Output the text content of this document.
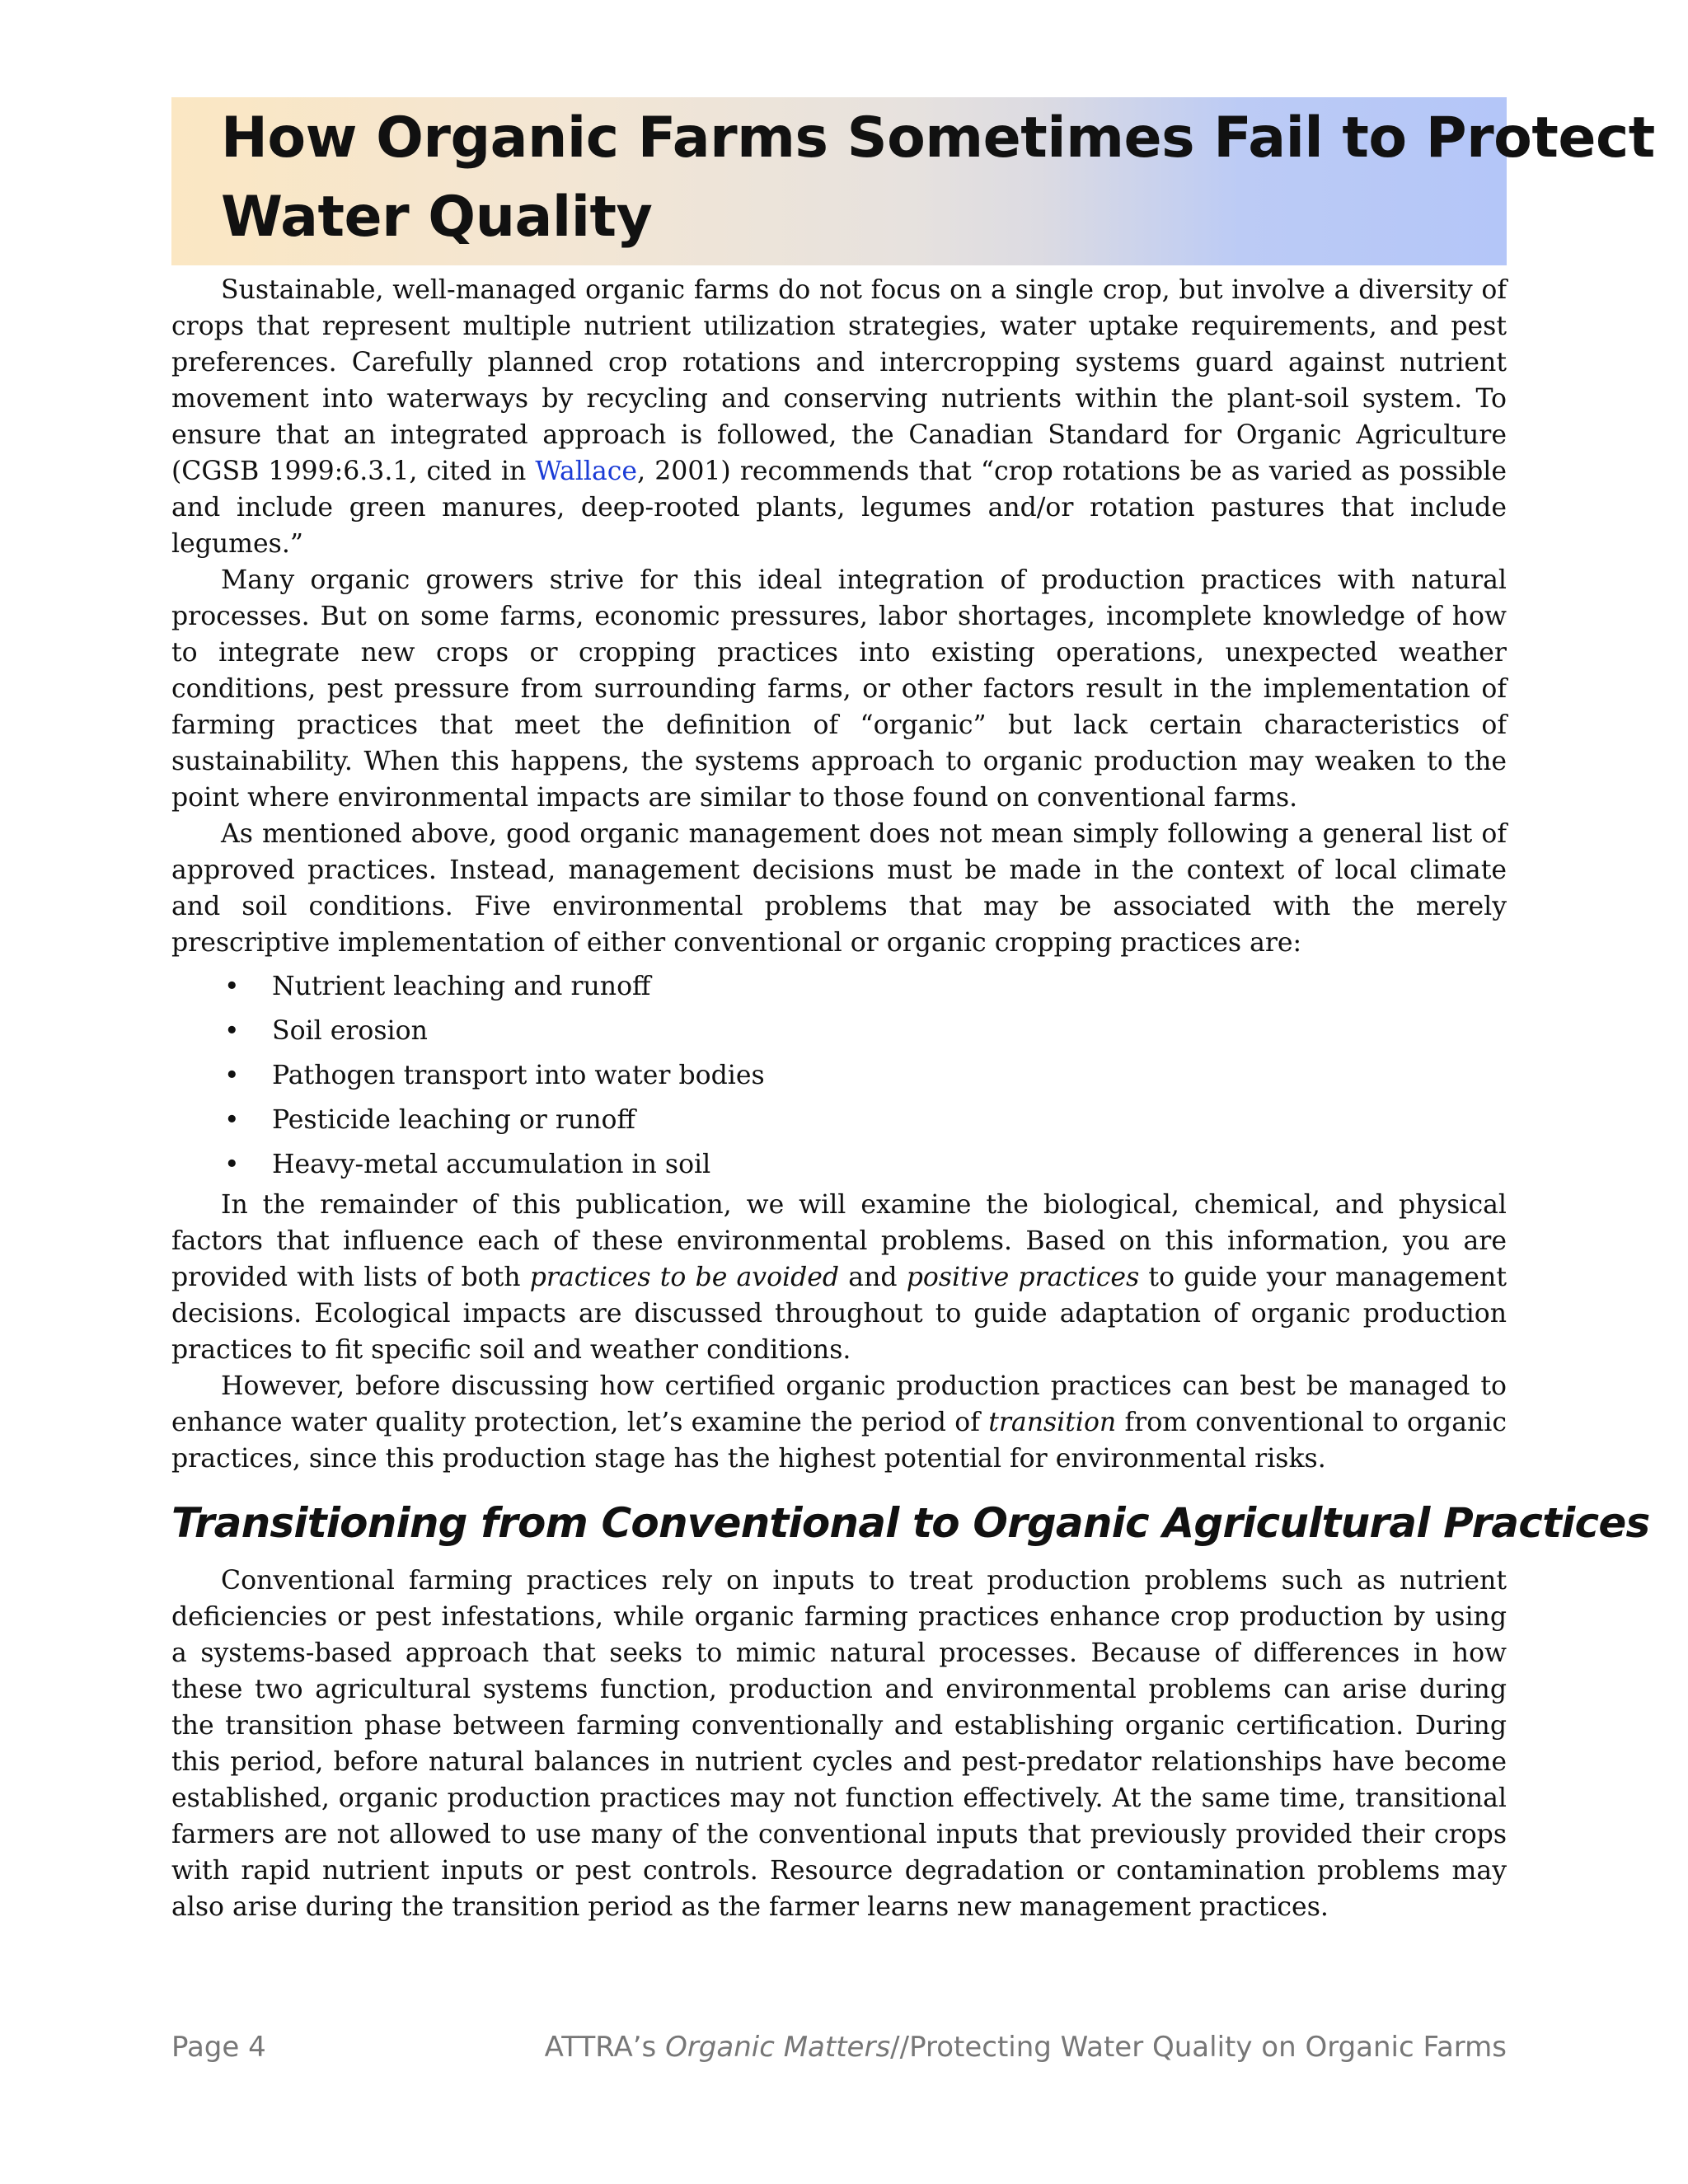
How Organic Farms Sometimes Fail to Protect
Water Quality

Sustainable, well-managed organic farms do not focus on a single crop, but involve a diversity of crops that represent multiple nutrient utilization strategies, water uptake requirements, and pest preferences. Carefully planned crop rotations and intercropping systems guard against nutrient movement into waterways by recycling and conserving nutrients within the plant-soil system. To ensure that an integrated approach is followed, the Canadian Standard for Organic Agriculture (CGSB 1999:6.3.1, cited in Wallace, 2001) recommends that “crop rotations be as varied as possible and include green manures, deep-rooted plants, legumes and/or rotation pastures that include legumes.”

Many organic growers strive for this ideal integration of production practices with natural processes. But on some farms, economic pressures, labor shortages, incomplete knowledge of how to integrate new crops or cropping practices into existing operations, unexpected weather conditions, pest pressure from surrounding farms, or other factors result in the implementation of farming practices that meet the definition of “organic” but lack certain characteristics of sustainability. When this happens, the systems approach to organic production may weaken to the point where environmental impacts are similar to those found on conventional farms.

As mentioned above, good organic management does not mean simply following a general list of approved practices. Instead, management decisions must be made in the context of local climate and soil conditions. Five environmental problems that may be associated with the merely prescriptive implementation of either conventional or organic cropping practices are:

• Nutrient leaching and runoff
• Soil erosion
• Pathogen transport into water bodies
• Pesticide leaching or runoff
• Heavy-metal accumulation in soil

In the remainder of this publication, we will examine the biological, chemical, and physical factors that influence each of these environmental problems. Based on this information, you are provided with lists of both practices to be avoided and positive practices to guide your management decisions. Ecological impacts are discussed throughout to guide adaptation of organic production practices to fit specific soil and weather conditions.

However, before discussing how certified organic production practices can best be managed to enhance water quality protection, let’s examine the period of transition from conventional to organic practices, since this production stage has the highest potential for environmental risks.

Transitioning from Conventional to Organic Agricultural Practices

Conventional farming practices rely on inputs to treat production problems such as nutrient deficiencies or pest infestations, while organic farming practices enhance crop production by using a systems-based approach that seeks to mimic natural processes. Because of differences in how these two agricultural systems function, production and environmental problems can arise during the transition phase between farming conventionally and establishing organic certification. During this period, before natural balances in nutrient cycles and pest-predator relationships have become established, organic production practices may not function effectively. At the same time, transitional farmers are not allowed to use many of the conventional inputs that previously provided their crops with rapid nutrient inputs or pest controls. Resource degradation or contamination problems may also arise during the transition period as the farmer learns new management practices.

Page 4	ATTRA’s Organic Matters//Protecting Water Quality on Organic Farms
